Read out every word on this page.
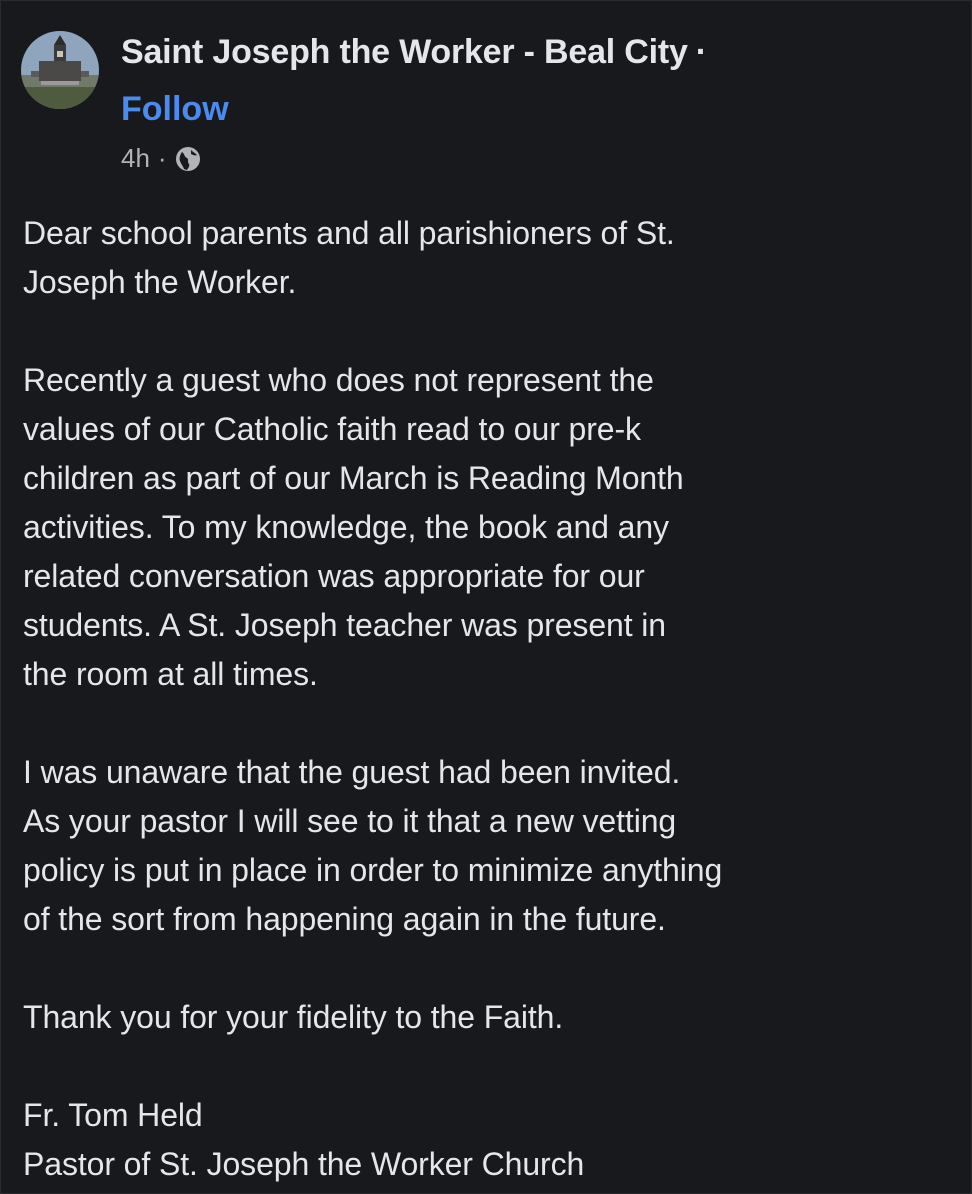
Saint Joseph the Worker - Beal City ·
Follow
4h ·
Dear school parents and all parishioners of St.
Joseph the Worker.
Recently a guest who does not represent the
values of our Catholic faith read to our pre-k
children as part of our March is Reading Month
activities. To my knowledge, the book and any
related conversation was appropriate for our
students. A St. Joseph teacher was present in
the room at all times.
I was unaware that the guest had been invited.
As your pastor I will see to it that a new vetting
policy is put in place in order to minimize anything
of the sort from happening again in the future.
Thank you for your fidelity to the Faith.
Fr. Tom Held
Pastor of St. Joseph the Worker Church
